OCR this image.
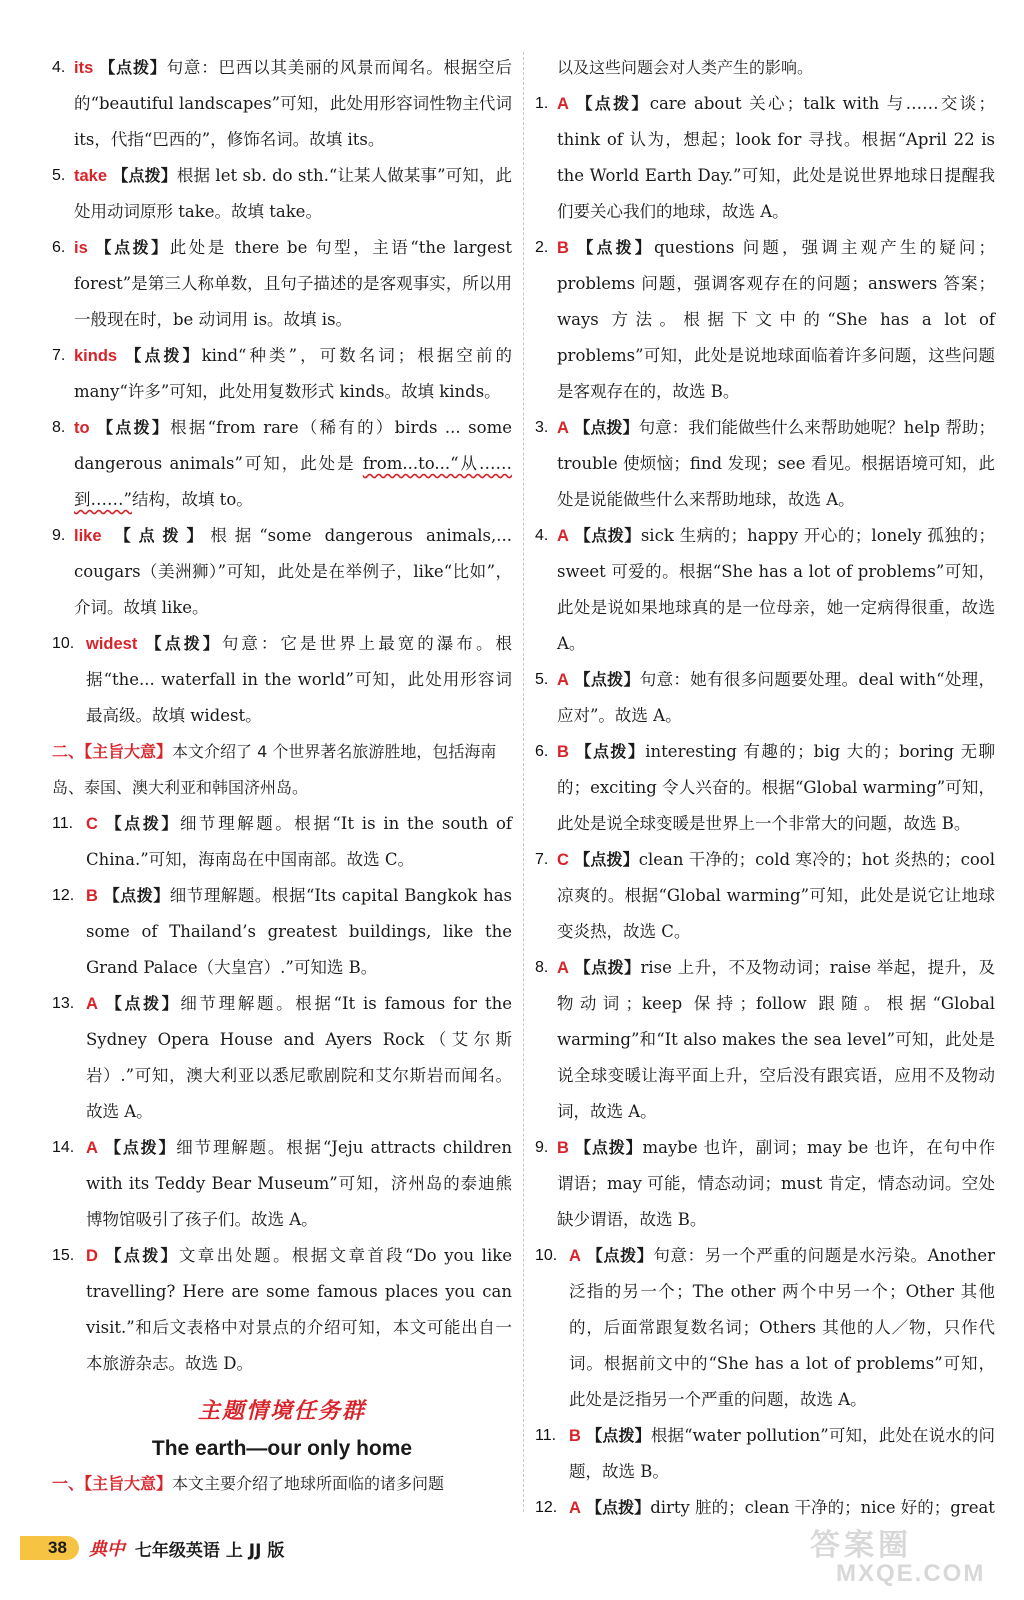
4. its 【点拨】句意：巴西以其美丽的风景而闻名。根据空后的“beautiful landscapes”可知，此处用形容词性物主代词 its，代指“巴西的”，修饰名词。故填 its。
5. take 【点拨】根据 let sb. do sth.“让某人做某事”可知，此处用动词原形 take。故填 take。
6. is 【点拨】此处是 there be 句型，主语“the largest forest”是第三人称单数，且句子描述的是客观事实，所以用一般现在时，be 动词用 is。故填 is。
7. kinds 【点拨】kind“种类”，可数名词；根据空前的 many“许多”可知，此处用复数形式 kinds。故填 kinds。
8. to 【点拨】根据“from rare（稀有的）birds ... some dangerous animals”可知，此处是 from...to...“从……到……”结构，故填 to。
9. like 【点拨】根据“some dangerous animals,... cougars（美洲狮）”可知，此处是在举例子，like“比如”，介词。故填 like。
10. widest 【点拨】句意：它是世界上最宽的瀑布。根据“the... waterfall in the world”可知，此处用形容词最高级。故填 widest。
二、【主旨大意】本文介绍了 4 个世界著名旅游胜地，包括海南岛、泰国、澳大利亚和韩国济州岛。
11. C 【点拨】细节理解题。根据“It is in the south of China.”可知，海南岛在中国南部。故选 C。
12. B 【点拨】细节理解题。根据“Its capital Bangkok has some of Thailand’s greatest buildings, like the Grand Palace（大皇宫）.”可知选 B。
13. A 【点拨】细节理解题。根据“It is famous for the Sydney Opera House and Ayers Rock（艾尔斯岩）.”可知，澳大利亚以悉尼歌剧院和艾尔斯岩而闻名。故选 A。
14. A 【点拨】细节理解题。根据“Jeju attracts children with its Teddy Bear Museum”可知，济州岛的泰迪熊博物馆吸引了孩子们。故选 A。
15. D 【点拨】文章出处题。根据文章首段“Do you like travelling? Here are some famous places you can visit.”和后文表格中对景点的介绍可知，本文可能出自一本旅游杂志。故选 D。
主题情境任务群
The earth—our only home
一、【主旨大意】本文主要介绍了地球所面临的诸多问题
以及这些问题会对人类产生的影响。
1. A 【点拨】care about 关心；talk with 与……交谈；think of 认为，想起；look for 寻找。根据“April 22 is the World Earth Day.”可知，此处是说世界地球日提醒我们要关心我们的地球，故选 A。
2. B 【点拨】questions 问题，强调主观产生的疑问；problems 问题，强调客观存在的问题；answers 答案；ways 方法。根据下文中的“She has a lot of problems”可知，此处是说地球面临着许多问题，这些问题是客观存在的，故选 B。
3. A 【点拨】句意：我们能做些什么来帮助她呢？help 帮助；trouble 使烦恼；find 发现；see 看见。根据语境可知，此处是说能做些什么来帮助地球，故选 A。
4. A 【点拨】sick 生病的；happy 开心的；lonely 孤独的；sweet 可爱的。根据“She has a lot of problems”可知，此处是说如果地球真的是一位母亲，她一定病得很重，故选 A。
5. A 【点拨】句意：她有很多问题要处理。deal with“处理，应对”。故选 A。
6. B 【点拨】interesting 有趣的；big 大的；boring 无聊的；exciting 令人兴奋的。根据“Global warming”可知，此处是说全球变暖是世界上一个非常大的问题，故选 B。
7. C 【点拨】clean 干净的；cold 寒冷的；hot 炎热的；cool 凉爽的。根据“Global warming”可知，此处是说它让地球变炎热，故选 C。
8. A 【点拨】rise 上升，不及物动词；raise 举起，提升，及物动词；keep 保持；follow 跟随。根据“Global warming”和“It also makes the sea level”可知，此处是说全球变暖让海平面上升，空后没有跟宾语，应用不及物动词，故选 A。
9. B 【点拨】maybe 也许，副词；may be 也许，在句中作谓语；may 可能，情态动词；must 肯定，情态动词。空处缺少谓语，故选 B。
10. A 【点拨】句意：另一个严重的问题是水污染。Another 泛指的另一个；The other 两个中另一个；Other 其他的，后面常跟复数名词；Others 其他的人／物，只作代词。根据前文中的“She has a lot of problems”可知，此处是泛指另一个严重的问题，故选 A。
11. B 【点拨】根据“water pollution”可知，此处在说水的问题，故选 B。
12. A 【点拨】dirty 脏的；clean 干净的；nice 好的；great
38	典中 七年级英语 上 JJ 版	答案圈
MXQE.COM
